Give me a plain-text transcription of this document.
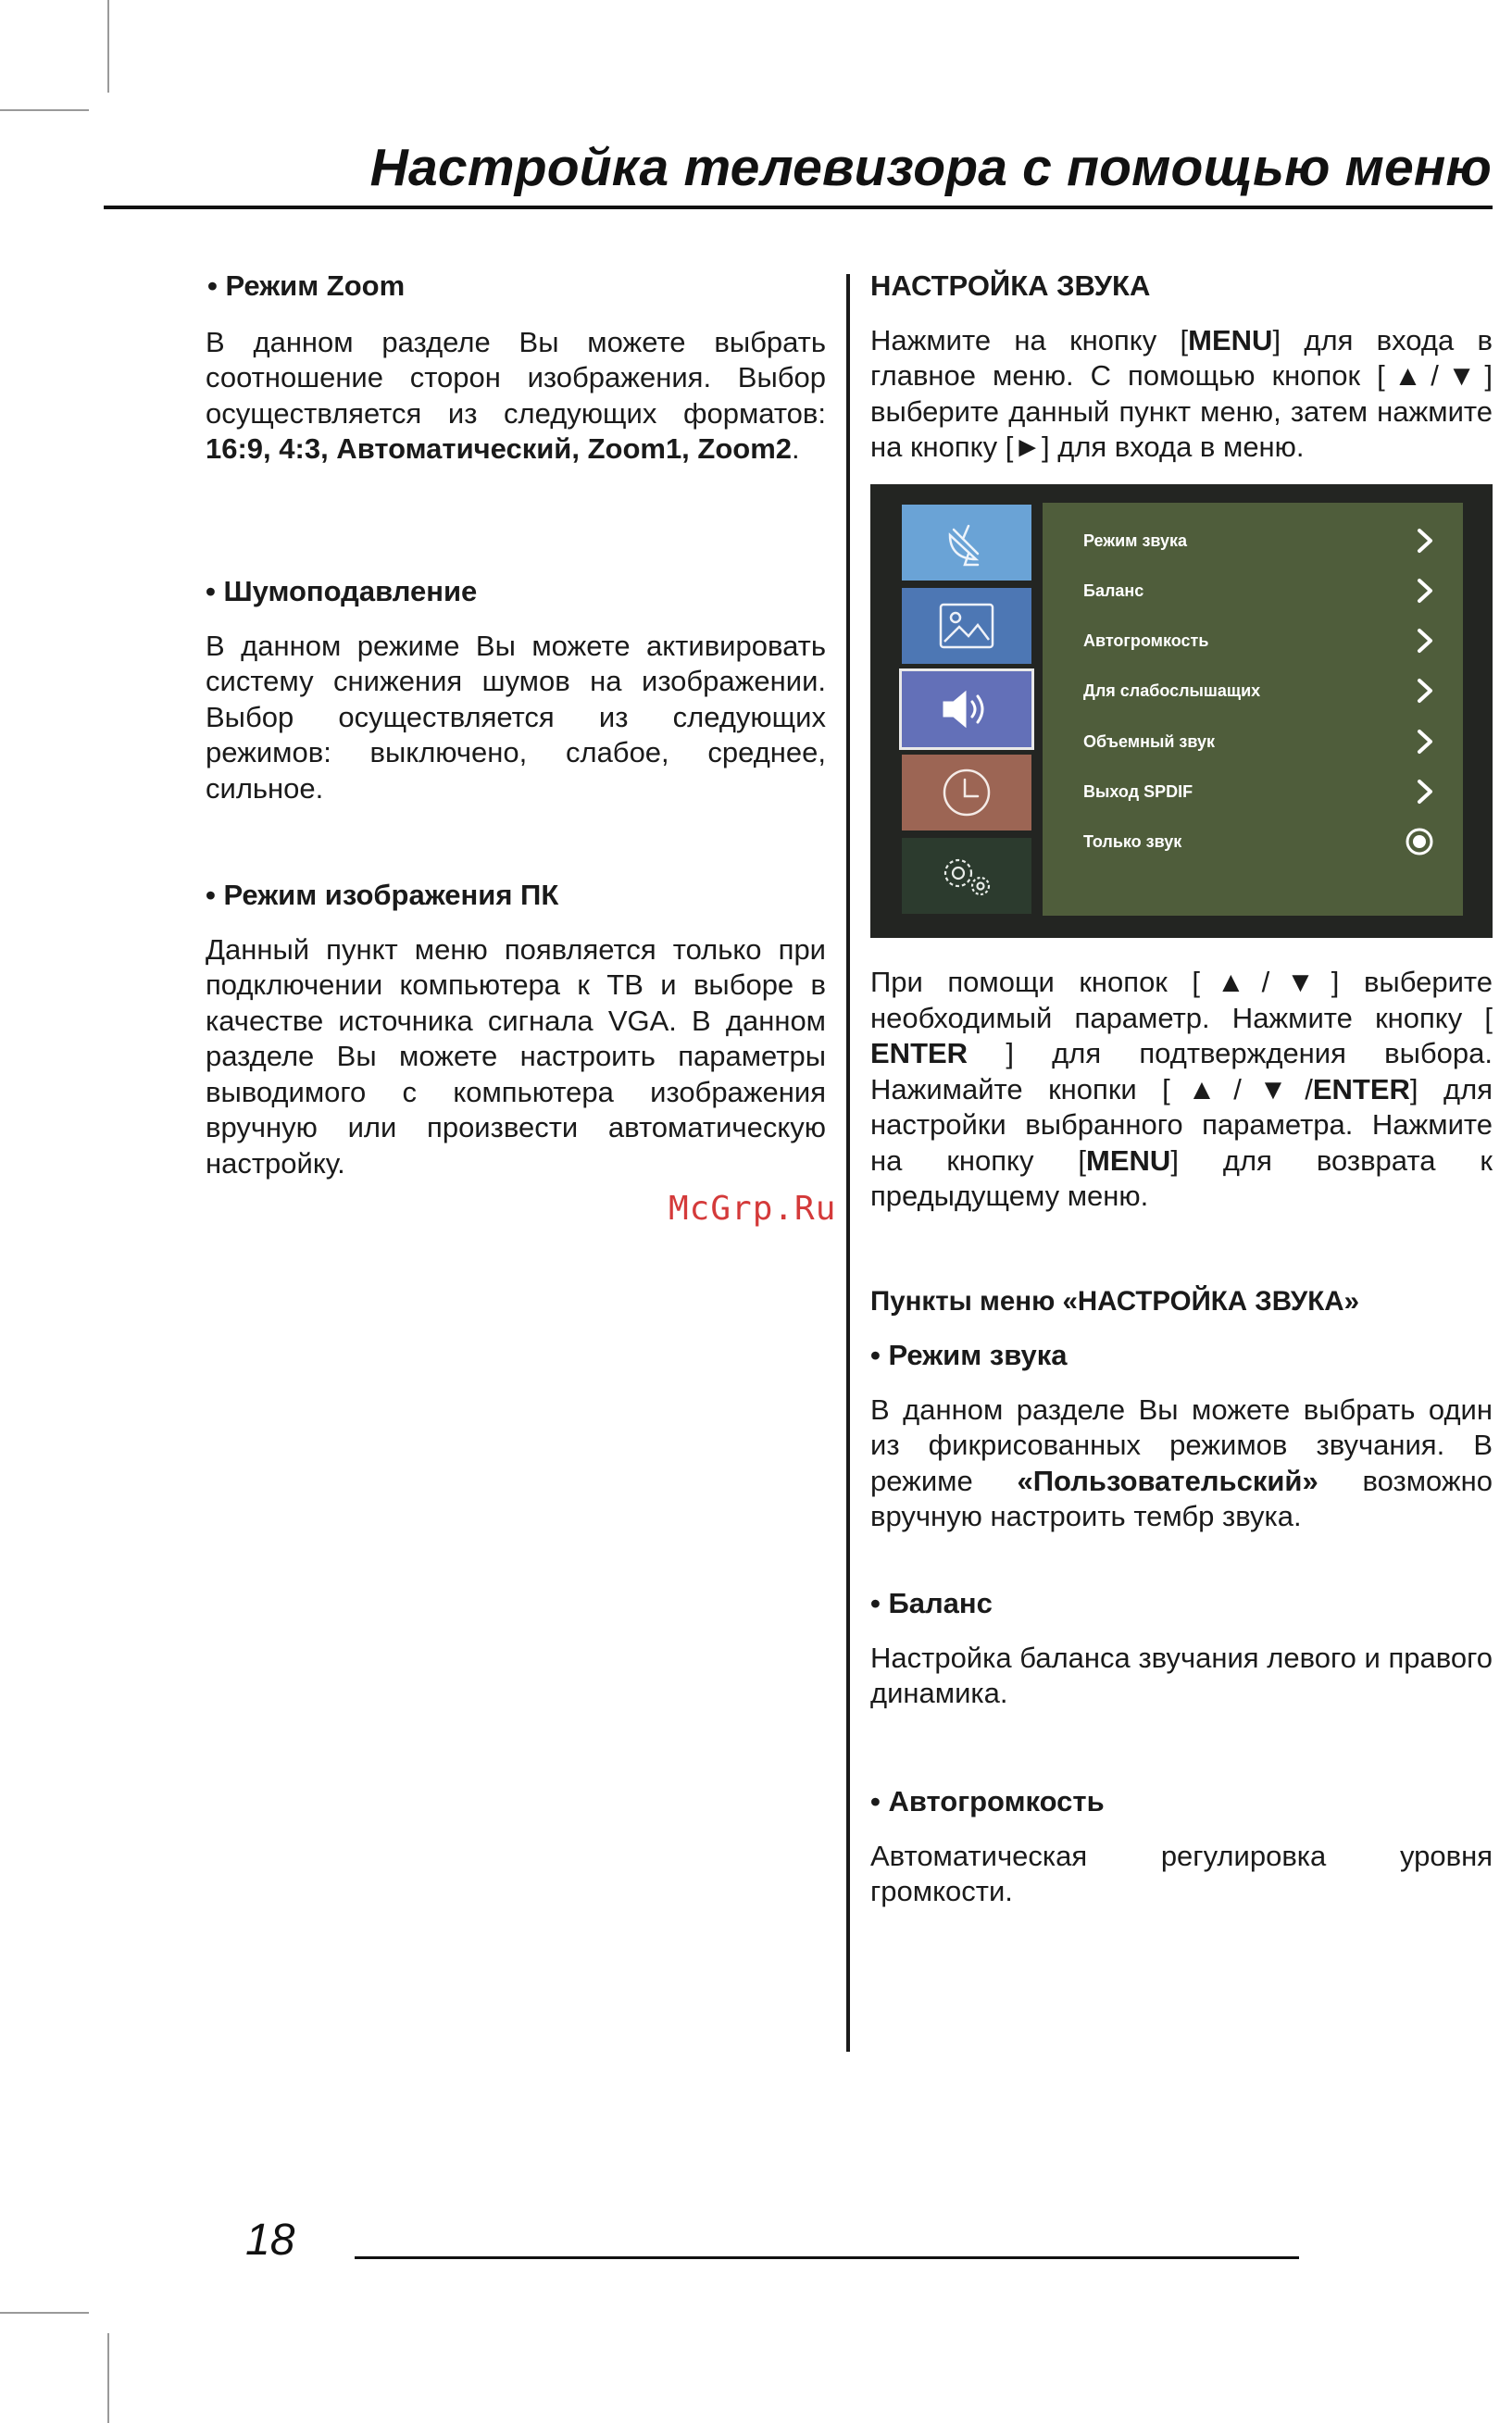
Настройка телевизора с помощью меню
• Режим Zoom

В данном разделе Вы можете выбрать соотношение сторон изображения. Выбор осуществляется из следующих форматов: 16:9, 4:3, Автоматический, Zoom1, Zoom2.

• Шумоподавление

В данном режиме Вы можете активировать систему снижения шумов на изображении. Выбор осуществляется из следующих режимов: выключено, слабое, среднее, сильное.

• Режим изображения ПК

Данный пункт меню появляется только при подключении компьютера к ТВ и выборе в качестве источника сигнала VGA. В данном разделе Вы можете настроить параметры выводимого с компьютера изображения вручную или произвести автоматическую настройку.

НАСТРОЙКА ЗВУКА

Нажмите на кнопку [MENU] для входа в главное меню. С помощью кнопок [▲/▼] выберите данный пункт меню, затем нажмите на кнопку [►] для входа в меню.

При помощи кнопок [▲/▼] выберите необходимый параметр. Нажмите кнопку [ ENTER ] для подтверждения выбора. Нажимайте кнопки [▲/▼/ENTER] для настройки выбранного параметра. Нажмите на кнопку [MENU] для возврата к предыдущему меню.

Пункты меню «НАСТРОЙКА ЗВУКА»
• Режим звука

В данном разделе Вы можете выбрать один из фикрисованных режимов звучания. В режиме «Пользовательский» возможно вручную настроить тембр звука.

• Баланс

Настройка баланса звучания левого и правого динамика.

• Автогромкость

Автоматическая регулировка уровня громкости.

Режим звука
Баланс
Автогромкость
Для слабослышащих
Объемный звук
Выход SPDIF
Только звук
McGrp.Ru
18
